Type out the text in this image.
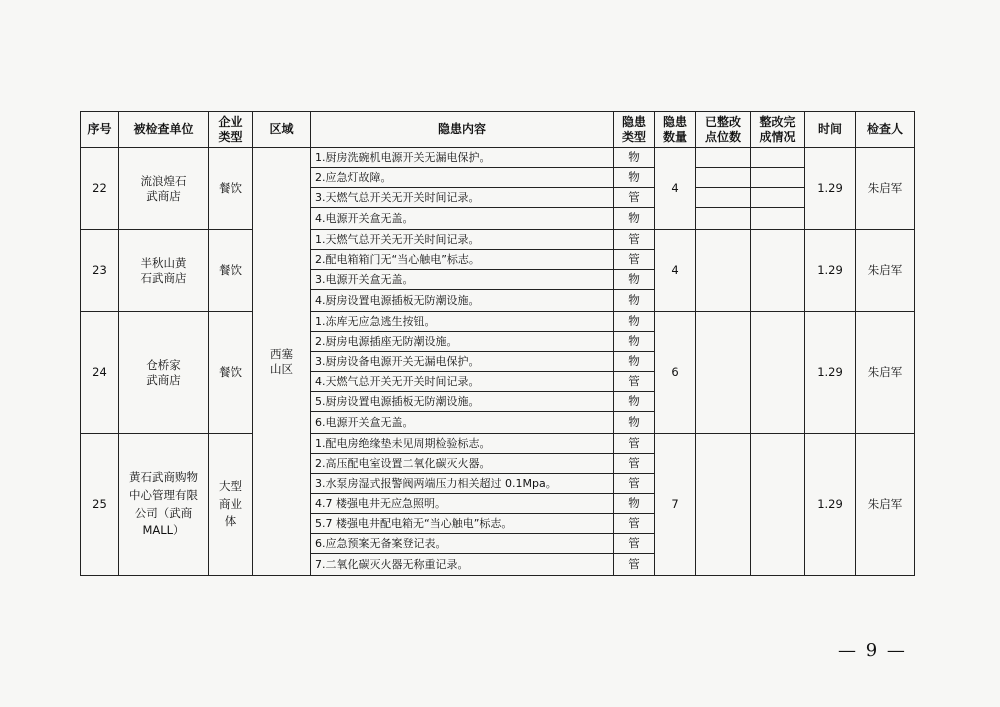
序号	被检查单位	企业类型	区域	隐患内容	隐患类型	隐患数量	已整改点位数	整改完成情况	时间	检查人
22	流浪煌石武商店	餐饮	西塞山区	1.厨房洗碗机电源开关无漏电保护。	物	4			1.29	朱启军
				2.应急灯故障。	物					
				3.天燃气总开关无开关时间记录。	管					
				4.电源开关盒无盖。	物					
23	半秋山黄石武商店	餐饮		1.天燃气总开关无开关时间记录。	管	4			1.29	朱启军
				2.配电箱箱门无“当心触电”标志。	管					
				3.电源开关盒无盖。	物					
				4.厨房设置电源插板无防潮设施。	物					
24	仓桥家武商店	餐饮		1.冻库无应急逃生按钮。	物	6			1.29	朱启军
				2.厨房电源插座无防潮设施。	物					
				3.厨房设备电源开关无漏电保护。	物					
				4.天燃气总开关无开关时间记录。	管					
				5.厨房设置电源插板无防潮设施。	物					
				6.电源开关盒无盖。	物					
25	黄石武商购物中心管理有限公司（武商MALL）	大型商业体		1.配电房绝缘垫未见周期检验标志。	管	7			1.29	朱启军
				2.高压配电室设置二氧化碳灭火器。	管					
				3.水泵房湿式报警阀两端压力相关超过 0.1Mpa。	管					
				4.7 楼强电井无应急照明。	物					
				5.7 楼强电井配电箱无“当心触电”标志。	管					
				6.应急预案无备案登记表。	管					
				7.二氧化碳灭火器无称重记录。	管					
— 9 —
